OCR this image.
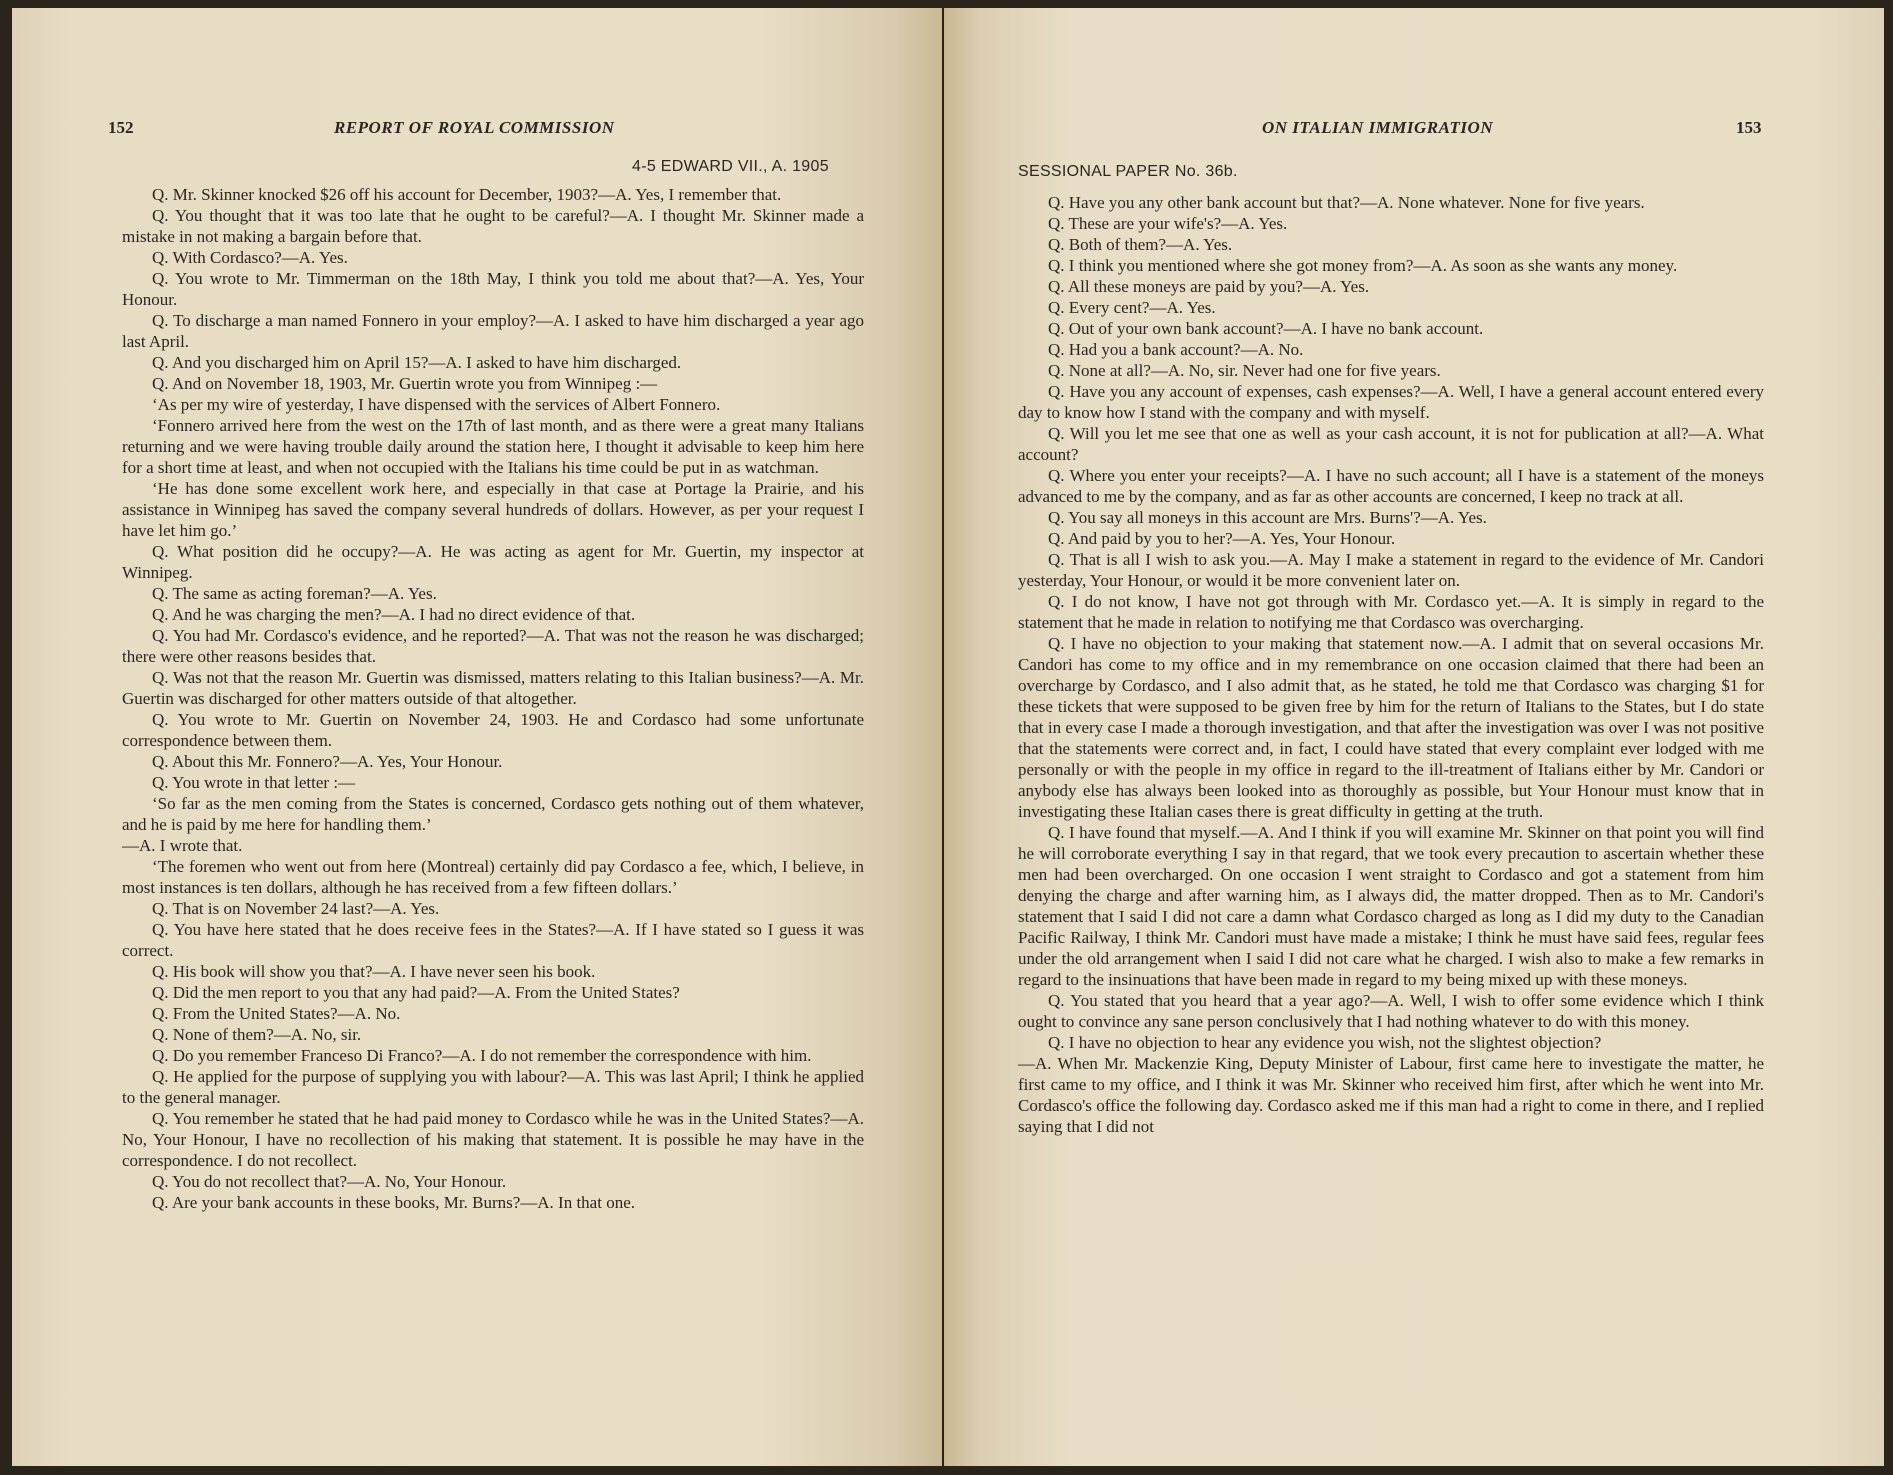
152	REPORT OF ROYAL COMMISSION
4-5 EDWARD VII., A. 1905

Q. Mr. Skinner knocked $26 off his account for December, 1903?—A. Yes, I remember that.

Q. You thought that it was too late that he ought to be careful?—A. I thought Mr. Skinner made a mistake in not making a bargain before that.

Q. With Cordasco?—A. Yes.

Q. You wrote to Mr. Timmerman on the 18th May, I think you told me about that?—A. Yes, Your Honour.

Q. To discharge a man named Fonnero in your employ?—A. I asked to have him discharged a year ago last April.

Q. And you discharged him on April 15?—A. I asked to have him discharged.

Q. And on November 18, 1903, Mr. Guertin wrote you from Winnipeg :—

‘As per my wire of yesterday, I have dispensed with the services of Albert Fonnero.

‘Fonnero arrived here from the west on the 17th of last month, and as there were a great many Italians returning and we were having trouble daily around the station here, I thought it advisable to keep him here for a short time at least, and when not occupied with the Italians his time could be put in as watchman.

‘He has done some excellent work here, and especially in that case at Portage la Prairie, and his assistance in Winnipeg has saved the company several hundreds of dollars. However, as per your request I have let him go.’

Q. What position did he occupy?—A. He was acting as agent for Mr. Guertin, my inspector at Winnipeg.

Q. The same as acting foreman?—A. Yes.

Q. And he was charging the men?—A. I had no direct evidence of that.

Q. You had Mr. Cordasco's evidence, and he reported?—A. That was not the reason he was discharged; there were other reasons besides that.

Q. Was not that the reason Mr. Guertin was dismissed, matters relating to this Italian business?—A. Mr. Guertin was discharged for other matters outside of that altogether.

Q. You wrote to Mr. Guertin on November 24, 1903. He and Cordasco had some unfortunate correspondence between them.

Q. About this Mr. Fonnero?—A. Yes, Your Honour.

Q. You wrote in that letter :—

‘So far as the men coming from the States is concerned, Cordasco gets nothing out of them whatever, and he is paid by me here for handling them.’

—A. I wrote that.

‘The foremen who went out from here (Montreal) certainly did pay Cordasco a fee, which, I believe, in most instances is ten dollars, although he has received from a few fifteen dollars.’

Q. That is on November 24 last?—A. Yes.

Q. You have here stated that he does receive fees in the States?—A. If I have stated so I guess it was correct.

Q. His book will show you that?—A. I have never seen his book.

Q. Did the men report to you that any had paid?—A. From the United States?

Q. From the United States?—A. No.

Q. None of them?—A. No, sir.

Q. Do you remember Franceso Di Franco?—A. I do not remember the correspondence with him.

Q. He applied for the purpose of supplying you with labour?—A. This was last April; I think he applied to the general manager.

Q. You remember he stated that he had paid money to Cordasco while he was in the United States?—A. No, Your Honour, I have no recollection of his making that statement. It is possible he may have in the correspondence. I do not recollect.

Q. You do not recollect that?—A. No, Your Honour.

Q. Are your bank accounts in these books, Mr. Burns?—A. In that one.

ON ITALIAN IMMIGRATION	153
SESSIONAL PAPER No. 36b.

Q. Have you any other bank account but that?—A. None whatever. None for five years.

Q. These are your wife's?—A. Yes.

Q. Both of them?—A. Yes.

Q. I think you mentioned where she got money from?—A. As soon as she wants any money.

Q. All these moneys are paid by you?—A. Yes.

Q. Every cent?—A. Yes.

Q. Out of your own bank account?—A. I have no bank account.

Q. Had you a bank account?—A. No.

Q. None at all?—A. No, sir. Never had one for five years.

Q. Have you any account of expenses, cash expenses?—A. Well, I have a general account entered every day to know how I stand with the company and with myself.

Q. Will you let me see that one as well as your cash account, it is not for publication at all?—A. What account?

Q. Where you enter your receipts?—A. I have no such account; all I have is a statement of the moneys advanced to me by the company, and as far as other accounts are concerned, I keep no track at all.

Q. You say all moneys in this account are Mrs. Burns'?—A. Yes.

Q. And paid by you to her?—A. Yes, Your Honour.

Q. That is all I wish to ask you.—A. May I make a statement in regard to the evidence of Mr. Candori yesterday, Your Honour, or would it be more convenient later on.

Q. I do not know, I have not got through with Mr. Cordasco yet.—A. It is simply in regard to the statement that he made in relation to notifying me that Cordasco was overcharging.

Q. I have no objection to your making that statement now.—A. I admit that on several occasions Mr. Candori has come to my office and in my remembrance on one occasion claimed that there had been an overcharge by Cordasco, and I also admit that, as he stated, he told me that Cordasco was charging $1 for these tickets that were supposed to be given free by him for the return of Italians to the States, but I do state that in every case I made a thorough investigation, and that after the investigation was over I was not positive that the statements were correct and, in fact, I could have stated that every complaint ever lodged with me personally or with the people in my office in regard to the ill-treatment of Italians either by Mr. Candori or anybody else has always been looked into as thoroughly as possible, but Your Honour must know that in investigating these Italian cases there is great difficulty in getting at the truth.

Q. I have found that myself.—A. And I think if you will examine Mr. Skinner on that point you will find he will corroborate everything I say in that regard, that we took every precaution to ascertain whether these men had been overcharged. On one occasion I went straight to Cordasco and got a statement from him denying the charge and after warning him, as I always did, the matter dropped. Then as to Mr. Candori's statement that I said I did not care a damn what Cordasco charged as long as I did my duty to the Canadian Pacific Railway, I think Mr. Candori must have made a mistake; I think he must have said fees, regular fees under the old arrangement when I said I did not care what he charged. I wish also to make a few remarks in regard to the insinuations that have been made in regard to my being mixed up with these moneys.

Q. You stated that you heard that a year ago?—A. Well, I wish to offer some evidence which I think ought to convince any sane person conclusively that I had nothing whatever to do with this money.

Q. I have no objection to hear any evidence you wish, not the slightest objection?

—A. When Mr. Mackenzie King, Deputy Minister of Labour, first came here to investigate the matter, he first came to my office, and I think it was Mr. Skinner who received him first, after which he went into Mr. Cordasco's office the following day. Cordasco asked me if this man had a right to come in there, and I replied saying that I did not
